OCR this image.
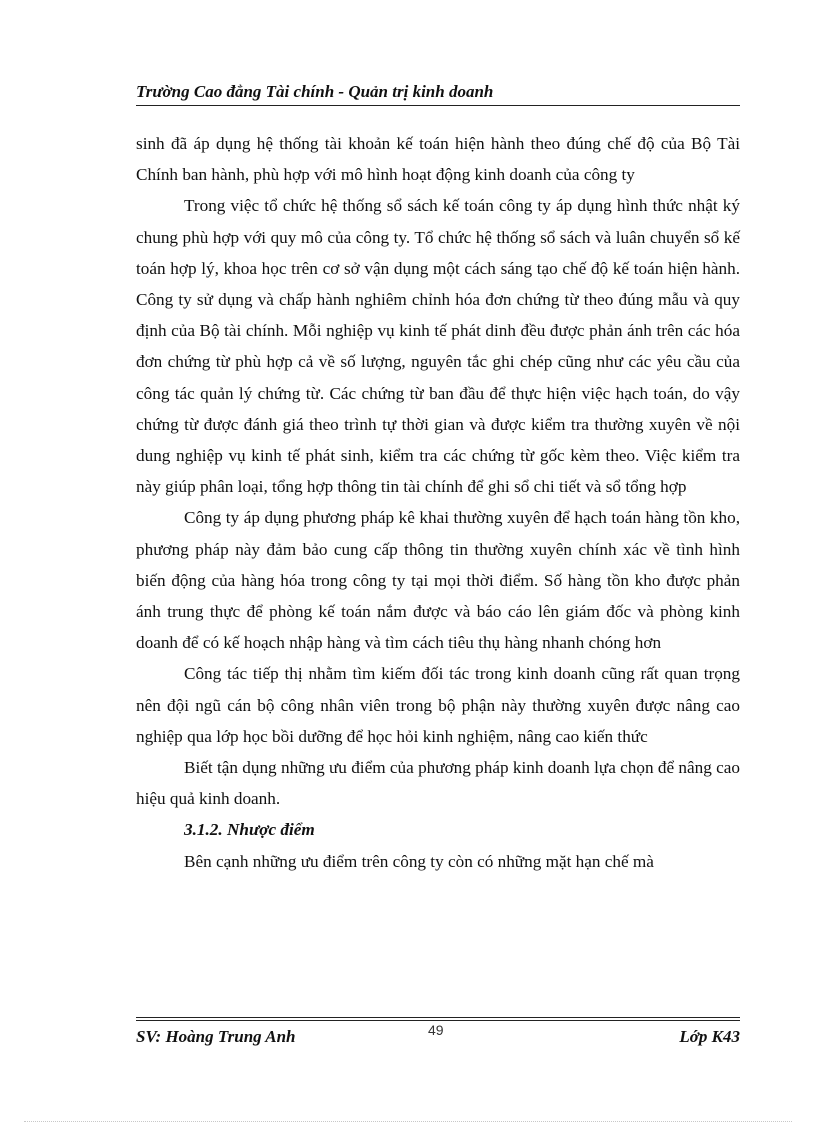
Trường Cao đẳng Tài chính - Quản trị kinh doanh

sinh đã áp dụng hệ thống tài khoản kế toán hiện hành theo đúng chế độ của Bộ Tài Chính ban hành, phù hợp với mô hình hoạt động kinh doanh của công ty

Trong việc tổ chức hệ thống sổ sách kế toán công ty áp dụng hình thức nhật ký chung phù hợp với quy mô của công ty. Tổ chức hệ thống sổ sách và luân chuyển sổ kế toán hợp lý, khoa học trên cơ sở vận dụng một cách sáng tạo chế độ kế toán hiện hành. Công ty sử dụng và chấp hành nghiêm chỉnh hóa đơn chứng từ theo đúng mẫu và quy định của Bộ tài chính. Mỗi nghiệp vụ kinh tế phát dinh đều được phản ánh trên các hóa đơn chứng từ phù hợp cả về số lượng, nguyên tắc ghi chép cũng như các yêu cầu của công tác quản lý chứng từ. Các chứng từ ban đầu để thực hiện việc hạch toán, do vậy chứng từ được đánh giá theo trình tự thời gian và được kiểm tra thường xuyên về nội dung nghiệp vụ kinh tế phát sinh, kiểm tra các chứng từ gốc kèm theo. Việc kiểm tra này giúp phân loại, tổng hợp thông tin tài chính để ghi sổ chi tiết và sổ tổng hợp

Công ty áp dụng phương pháp kê khai thường xuyên để hạch toán hàng tồn kho, phương pháp này đảm bảo cung cấp thông tin thường xuyên chính xác về tình hình biến động của hàng hóa trong công ty tại mọi thời điểm. Số hàng tồn kho được phản ánh trung thực để phòng kế toán nắm được và báo cáo lên giám đốc và phòng kinh doanh để có kế hoạch nhập hàng và tìm cách tiêu thụ hàng nhanh chóng hơn

Công tác tiếp thị nhằm tìm kiếm đối tác trong kinh doanh cũng rất quan trọng nên đội ngũ cán bộ công nhân viên trong bộ phận này thường xuyên được nâng cao nghiệp qua lớp học bồi dưỡng để học hỏi kinh nghiệm, nâng cao kiến thức

Biết tận dụng những ưu điểm của phương pháp kinh doanh lựa chọn để nâng cao hiệu quả kinh doanh.

3.1.2. Nhược điểm

Bên cạnh những ưu điểm trên công ty còn có những mặt hạn chế mà

SV: Hoàng Trung Anh	49	Lớp K43
